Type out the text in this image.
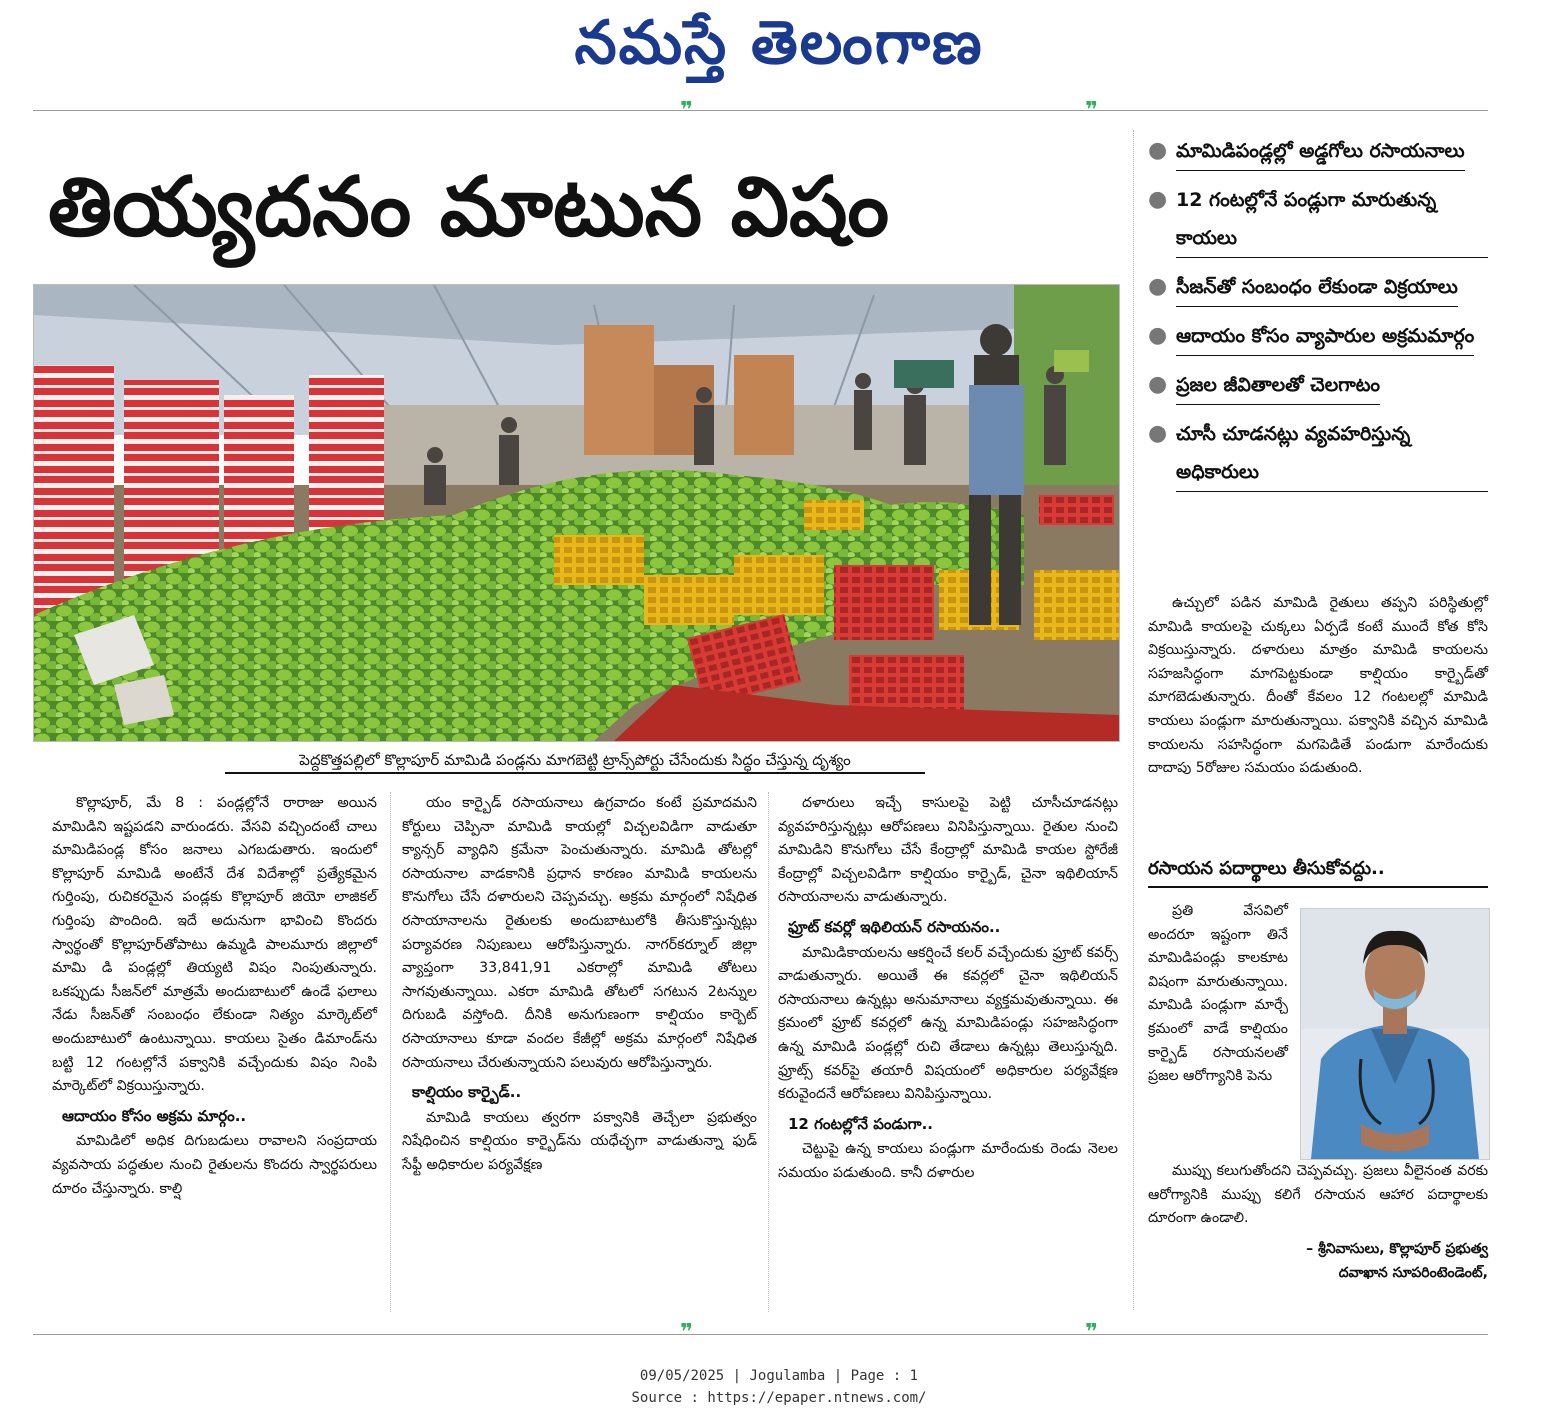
నమస్తే తెలంగాణ
❞	❞
తియ్యదనం మాటున విషం
పెద్దకొత్తపల్లిలో కొల్లాపూర్ మామిడి పండ్లను మాగబెట్టి ట్రాన్స్‌పోర్టు చేసేందుకు సిద్ధం చేస్తున్న దృశ్యం
● మామిడిపండ్లల్లో అడ్డగోలు రసాయనాలు
● 12 గంటల్లోనే పండ్లుగా మారుతున్న కాయలు
● సీజన్‌తో సంబంధం లేకుండా విక్రయాలు
● ఆదాయం కోసం వ్యాపారుల అక్రమమార్గం
● ప్రజల జీవితాలతో చెలగాటం
● చూసీ చూడనట్లు వ్యవహరిస్తున్న అధికారులు

కొల్లాపూర్, మే 8 : పండ్లల్లోనే రారాజు అయిన మామిడిని ఇష్టపడని వారుండరు. వేసవి వచ్చిందంటే చాలు మామిడిపండ్ల కోసం జనాలు ఎగబడుతారు. ఇందులో కొల్లాపూర్ మామిడి అంటేనే దేశ విదేశాల్లో ప్రత్యేకమైన గుర్తింపు, రుచికరమైన పండ్లకు కొల్లాపూర్ జియో లాజికల్ గుర్తింపు పొందింది. ఇదే అదునుగా భావించి కొందరు స్వార్థంతో కొల్లాపూర్‌తోపాటు ఉమ్మడి పాలమూరు జిల్లాలో మామి డి పండ్లల్లో తియ్యటి విషం నింపుతున్నారు. ఒకప్పుడు సీజన్‌లో మాత్రమే అందుబాటులో ఉండే ఫలాలు నేడు సీజన్‌తో సంబంధం లేకుండా నిత్యం మార్కెట్‌లో అందుబాటులో ఉంటున్నాయి. కాయలు సైతం డిమాండ్‌ను బట్టి 12 గంటల్లోనే పక్వానికి వచ్చేందుకు విషం నింపి మార్కెట్‌లో విక్రయిస్తున్నారు.

ఆదాయం కోసం అక్రమ మార్గం..

మామిడిలో అధిక దిగుబడులు రావాలని సంప్రదాయ వ్యవసాయ పద్ధతుల నుంచి రైతులను కొందరు స్వార్థపరులు దూరం చేస్తున్నారు. కాల్షి

యం కార్బైడ్ రసాయనాలు ఉగ్రవాదం కంటే ప్రమాదమని కోర్టులు చెప్పినా మామిడి కాయల్లో విచ్చలవిడిగా వాడుతూ క్యాన్సర్ వ్యాధిని క్రమేనా పెంచుతున్నారు. మామిడి తోటల్లో రసాయనాల వాడకానికి ప్రధాన కారణం మామిడి కాయలను కొనుగోలు చేసే దళారులని చెప్పవచ్చు. అక్రమ మార్గంలో నిషేధిత రసాయానాలను రైతులకు అందుబాటులోకి తీసుకొస్తున్నట్లు పర్యావరణ నిపుణులు ఆరోపిస్తున్నారు. నాగర్‌కర్నూల్ జిల్లా వ్యాప్తంగా 33,841,91 ఎకరాల్లో మామిడి తోటలు సాగవుతున్నాయి. ఎకరా మామిడి తోటలో సగటున 2టన్నుల దిగుబడి వస్తోంది. దీనికి అనుగుణంగా కాల్షియం కార్బెట్ రసాయానాలు కూడా వందల కేజీల్లో అక్రమ మార్గంలో నిషేధిత రసాయనాలు చేరుతున్నాయని పలువురు ఆరోపిస్తున్నారు.

కాల్షియం కార్బైడ్..

మామిడి కాయలు త్వరగా పక్వానికి తెచ్చేలా ప్రభుత్వం నిషేధించిన కాల్షియం కార్బైడ్‌ను యధేచ్ఛగా వాడుతున్నా ఫుడ్ సేఫ్టీ అధికారుల పర్యవేక్షణ

దళారులు ఇచ్చే కాసులపై పెట్టి చూసీచూడనట్లు వ్యవహరిస్తున్నట్లు ఆరోపణలు వినిపిస్తున్నాయి. రైతుల నుంచి మామిడిని కొనుగోలు చేసే కేంద్రాల్లో మామిడి కాయల స్టోరేజీ కేంద్రాల్లో విచ్చలవిడిగా కాల్షియం కార్బైడ్, చైనా ఇథిలియాన్ రసాయనాలను వాడుతున్నారు.

ఫ్రూట్ కవర్లో ఇథిలియన్ రసాయనం..

మామిడికాయలను ఆకర్షించే కలర్ వచ్చేందుకు ఫ్రూట్ కవర్స్ వాడుతున్నారు. అయితే ఈ కవర్లలో చైనా ఇథిలియన్ రసాయనాలు ఉన్నట్లు అనుమానాలు వ్యక్తమవుతున్నాయి. ఈ క్రమంలో ఫ్రూట్ కవర్లలో ఉన్న మామిడిపండ్లు సహజసిద్ధంగా ఉన్న మామిడి పండ్లల్లో రుచి తేడాలు ఉన్నట్లు తెలుస్తున్నది. ఫ్రూట్స్ కవర్‌పై తయారీ విషయంలో అధికారుల పర్యవేక్షణ కరువైందనే ఆరోపణలు వినిపిస్తున్నాయి.

12 గంటల్లోనే పండుగా..

చెట్టుపై ఉన్న కాయలు పండ్లుగా మారేందుకు రెండు నెలల సమయం పడుతుంది. కానీ దళారుల

ఉచ్చులో పడిన మామిడి రైతులు తప్పని పరిస్థితుల్లో మామిడి కాయలపై చుక్కలు ఏర్పడే కంటే ముందే కోత కోసి విక్రయిస్తున్నారు. దళారులు మాత్రం మామిడి కాయలను సహజసిద్ధంగా మాగపెట్టకుండా కాల్షియం కార్బైడ్‌తో మాగబెడుతున్నారు. దీంతో కేవలం 12 గంటలల్లో మామిడి కాయలు పండ్లుగా మారుతున్నాయి. పక్వానికి వచ్చిన మామిడి కాయలను సహసిద్ధంగా మగపెడితే పండుగా మారేందుకు దాదాపు 5రోజుల సమయం పడుతుంది.

రసాయన పదార్థాలు తీసుకోవద్దు..

ప్రతి వేసవిలో అందరూ ఇష్టంగా తినే మామిడిపండ్లు కాలకూట విషంగా మారుతున్నాయి. మామిడి పండ్లుగా మార్చే క్రమంలో వాడే కాల్షియం కార్బైడ్ రసాయనలతో ప్రజల ఆరోగ్యానికి పెను

ముప్పు కలుగుతోందని చెప్పవచ్చు. ప్రజలు వీలైనంత వరకు ఆరోగ్యానికి ముప్పు కలిగే రసాయన ఆహార పదార్థాలకు దూరంగా ఉండాలి.

– శ్రీనివాసులు, కొల్లాపూర్ ప్రభుత్వ
దవాఖాన సూపరింటెండెంట్,
❞	❞
09/05/2025 | Jogulamba | Page : 1
Source : https://epaper.ntnews.com/
